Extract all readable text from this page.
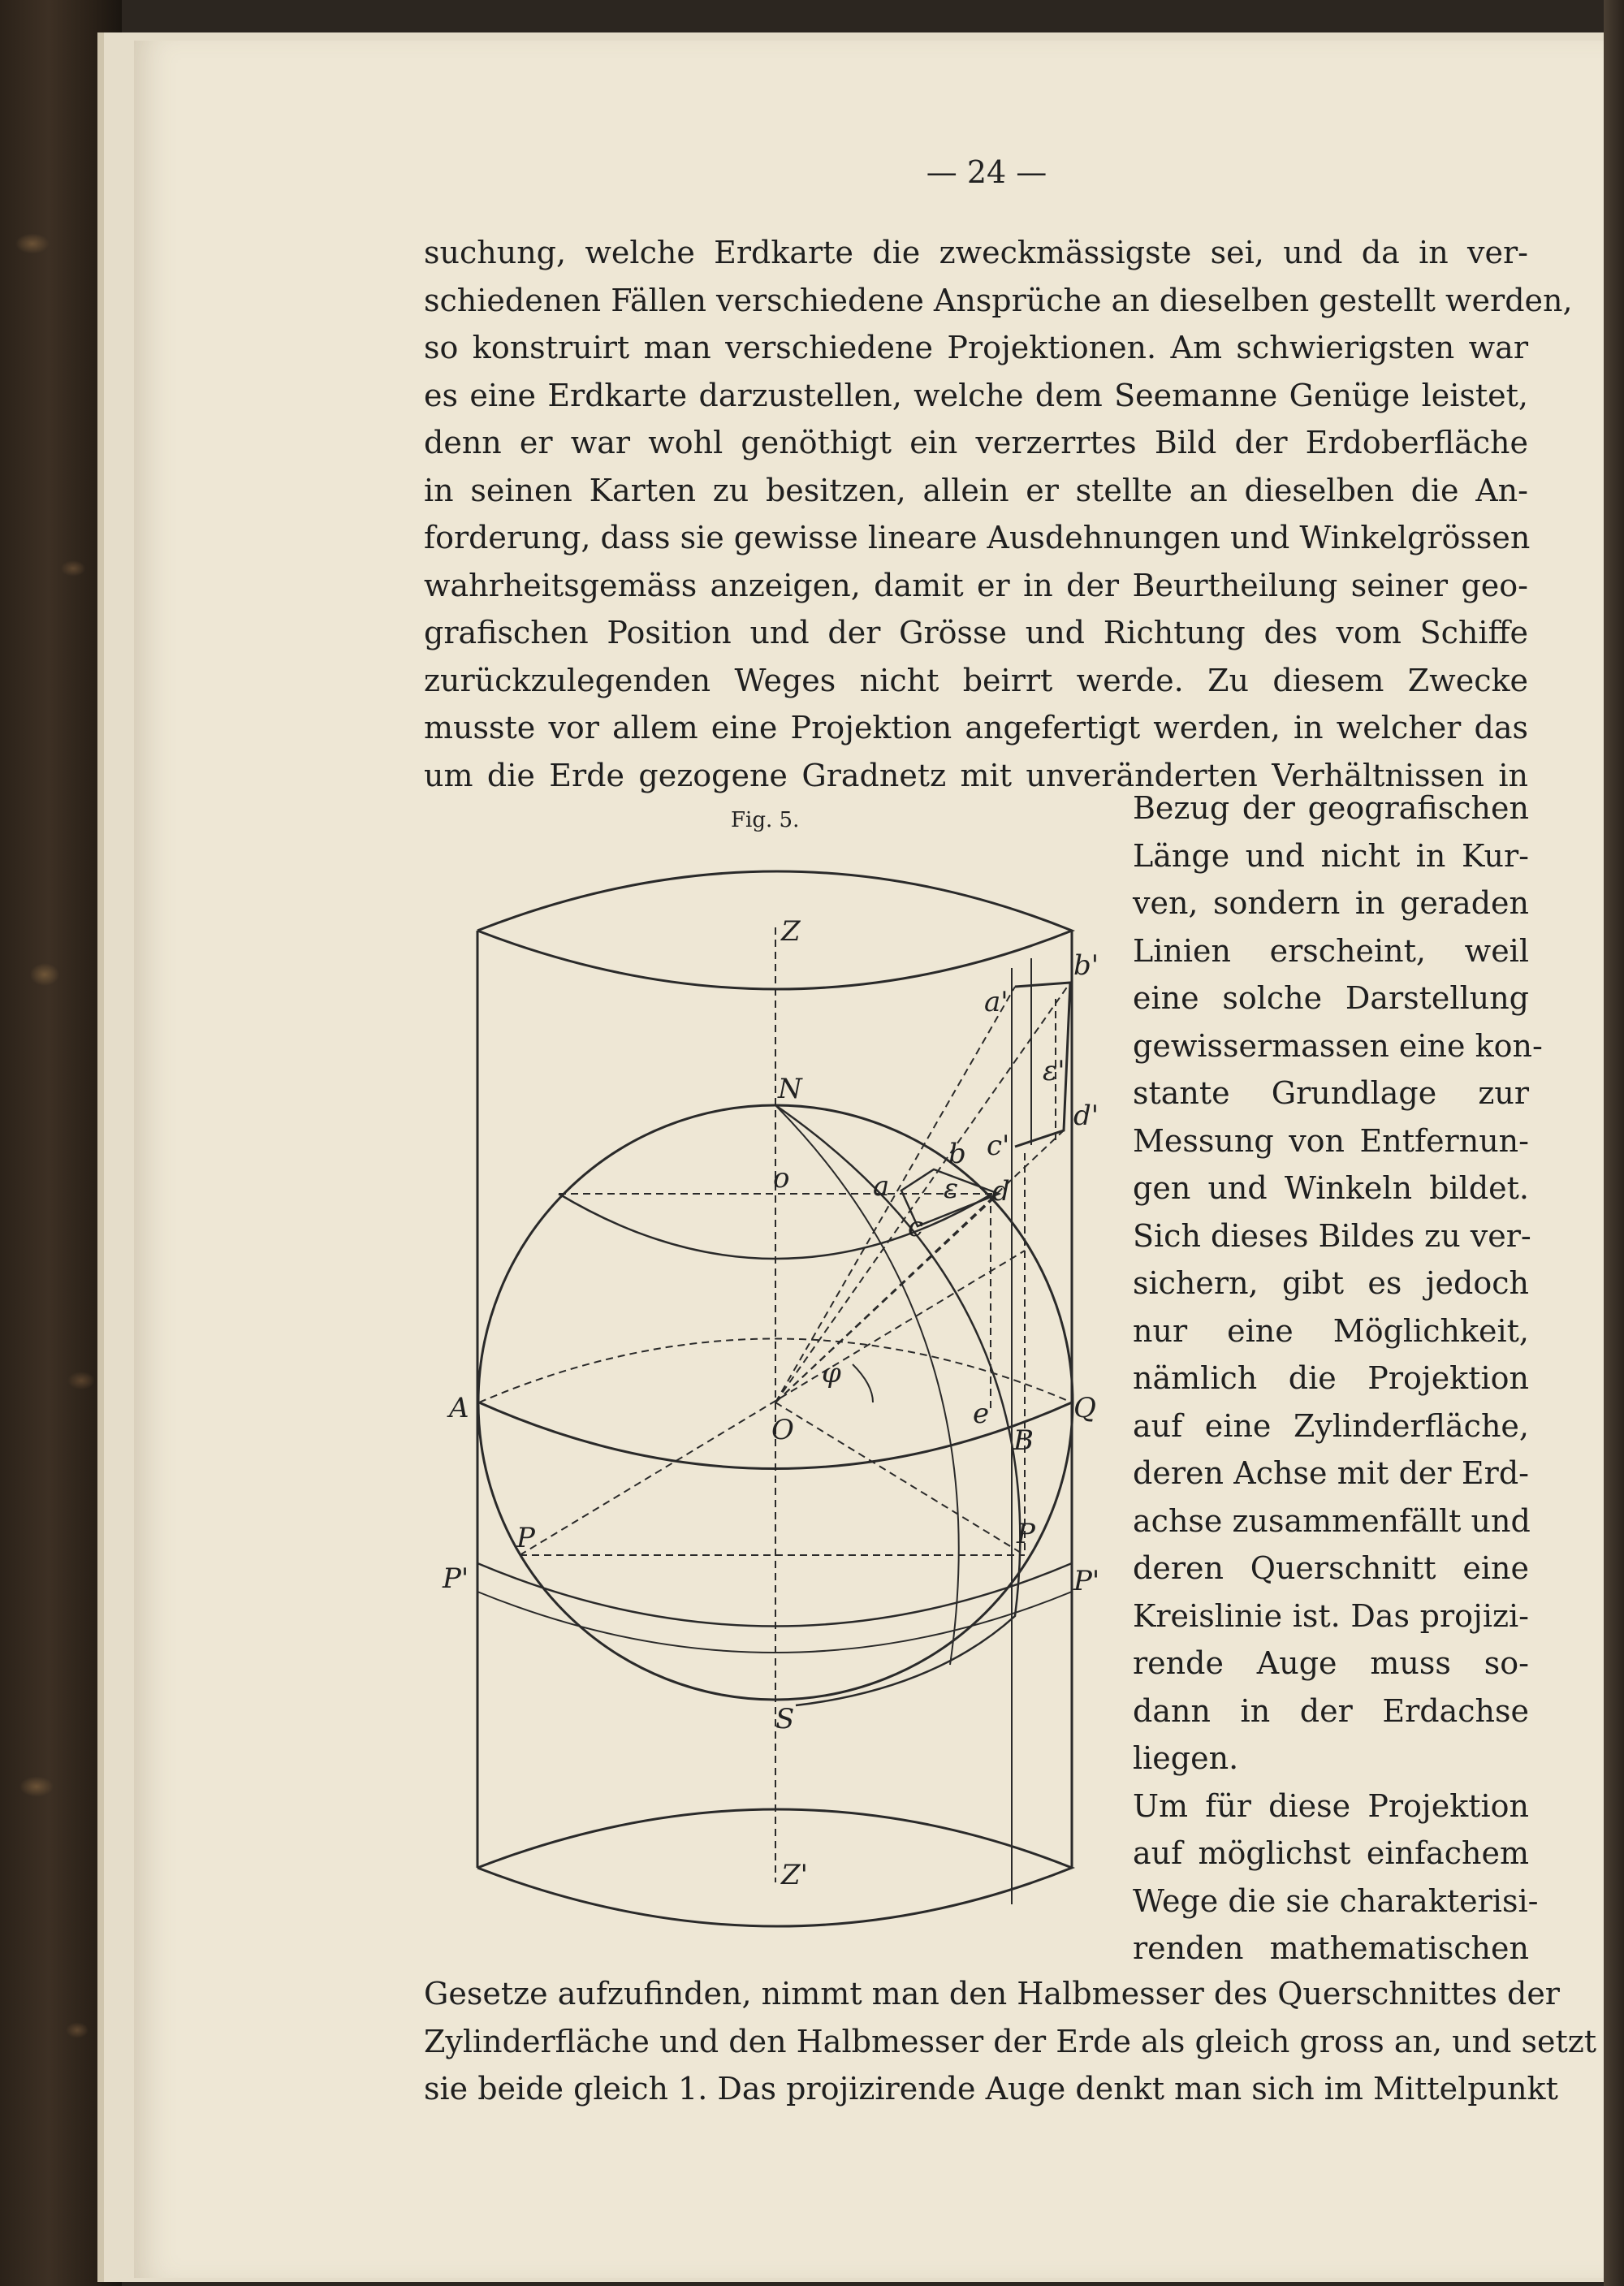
— 24 —
suchung, welche Erdkarte die zweckmässigste sei, und da in ver-
schiedenen Fällen verschiedene Ansprüche an dieselben gestellt werden,
so konstruirt man verschiedene Projektionen. Am schwierigsten war
es eine Erdkarte darzustellen, welche dem Seemanne Genüge leistet,
denn er war wohl genöthigt ein verzerrtes Bild der Erdoberfläche
in seinen Karten zu besitzen, allein er stellte an dieselben die An-
forderung, dass sie gewisse lineare Ausdehnungen und Winkelgrössen
wahrheitsgemäss anzeigen, damit er in der Beurtheilung seiner geo-
grafischen Position und der Grösse und Richtung des vom Schiffe
zurückzulegenden Weges nicht beirrt werde. Zu diesem Zwecke
musste vor allem eine Projektion angefertigt werden, in welcher das
um die Erde gezogene Gradnetz mit unveränderten Verhältnissen in
Bezug der geografischen
Länge und nicht in Kur-
ven, sondern in geraden
Linien erscheint, weil
eine solche Darstellung
gewissermassen eine kon-
stante Grundlage zur
Messung von Entfernun-
gen und Winkeln bildet.
Sich dieses Bildes zu ver-
sichern, gibt es jedoch
nur eine Möglichkeit,
nämlich die Projektion
auf eine Zylinderfläche,
deren Achse mit der Erd-
achse zusammenfällt und
deren Querschnitt eine
Kreislinie ist. Das projizi-
rende Auge muss so-
dann in der Erdachse
liegen.
Um für diese Projektion
auf möglichst einfachem
Wege die sie charakterisi-
renden mathematischen
Gesetze aufzufinden, nimmt man den Halbmesser des Querschnittes der
Zylinderfläche und den Halbmesser der Erde als gleich gross an, und setzt
sie beide gleich 1. Das projizirende Auge denkt man sich im Mittelpunkt
Z
Z'
N
S
o
O
A	Q
B
e
P
P'
P
P'
a
b
c
d
ε
a'
b'
c'
d'
ε'
φ
Fig. 5.
